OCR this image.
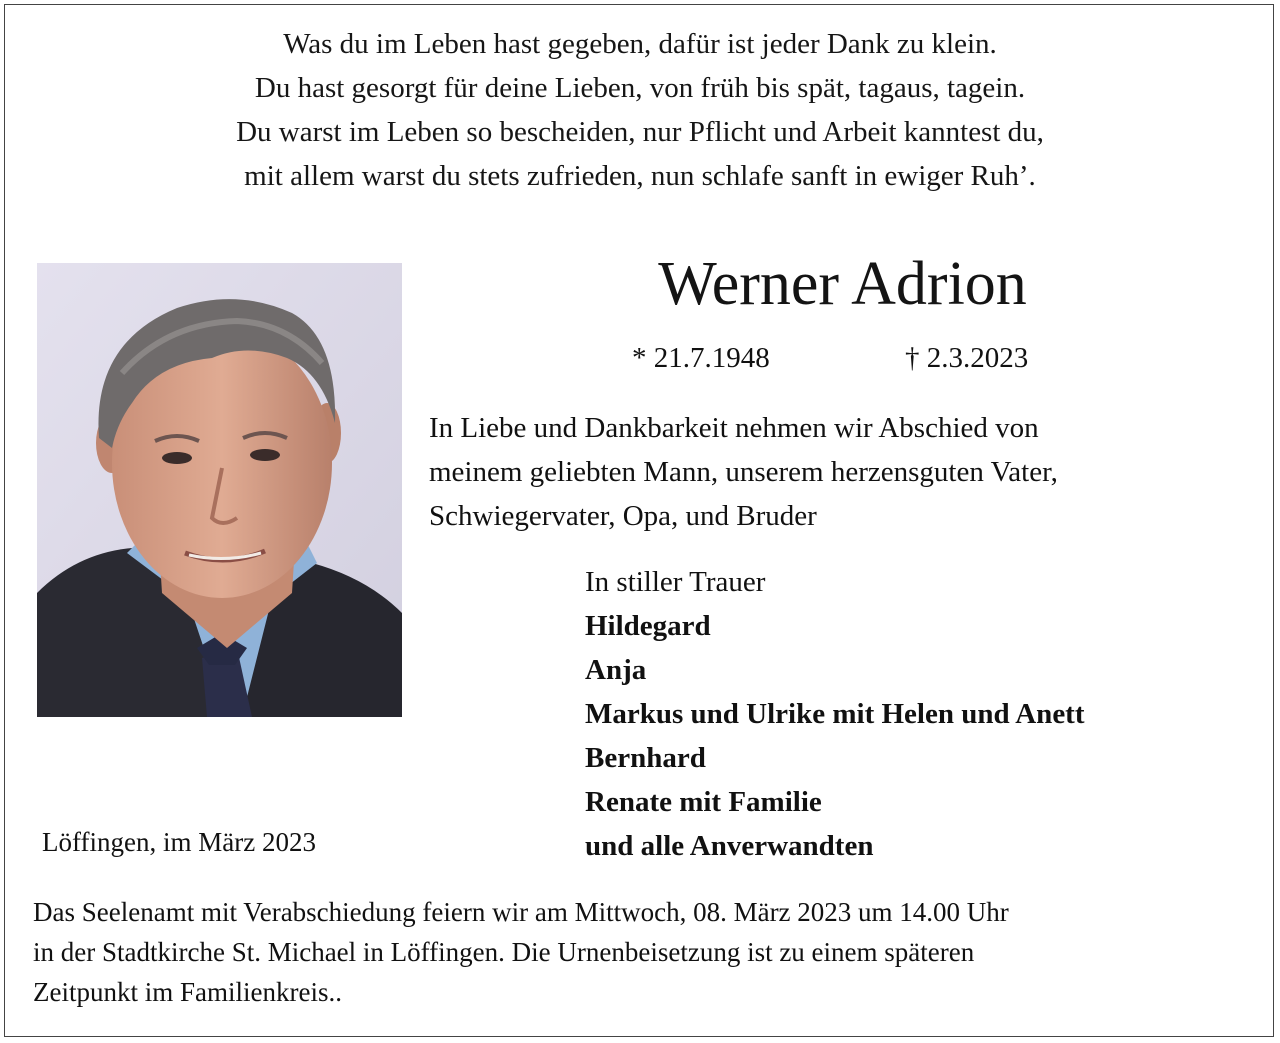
Was du im Leben hast gegeben, dafür ist jeder Dank zu klein.
Du hast gesorgt für deine Lieben, von früh bis spät, tagaus, tagein.
Du warst im Leben so bescheiden, nur Pflicht und Arbeit kanntest du,
mit allem warst du stets zufrieden, nun schlafe sanft in ewiger Ruh’.
Werner Adrion
* 21.7.1948	† 2.3.2023
In Liebe und Dankbarkeit nehmen wir Abschied von
meinem geliebten Mann, unserem herzensguten Vater,
Schwiegervater, Opa, und Bruder
In stiller Trauer
Hildegard
Anja
Markus und Ulrike mit Helen und Anett
Bernhard
Renate mit Familie
und alle Anverwandten
Löffingen, im März 2023
Das Seelenamt mit Verabschiedung feiern wir am Mittwoch, 08. März 2023 um 14.00 Uhr
in der Stadtkirche St. Michael in Löffingen. Die Urnenbeisetzung ist zu einem späteren
Zeitpunkt im Familienkreis..
